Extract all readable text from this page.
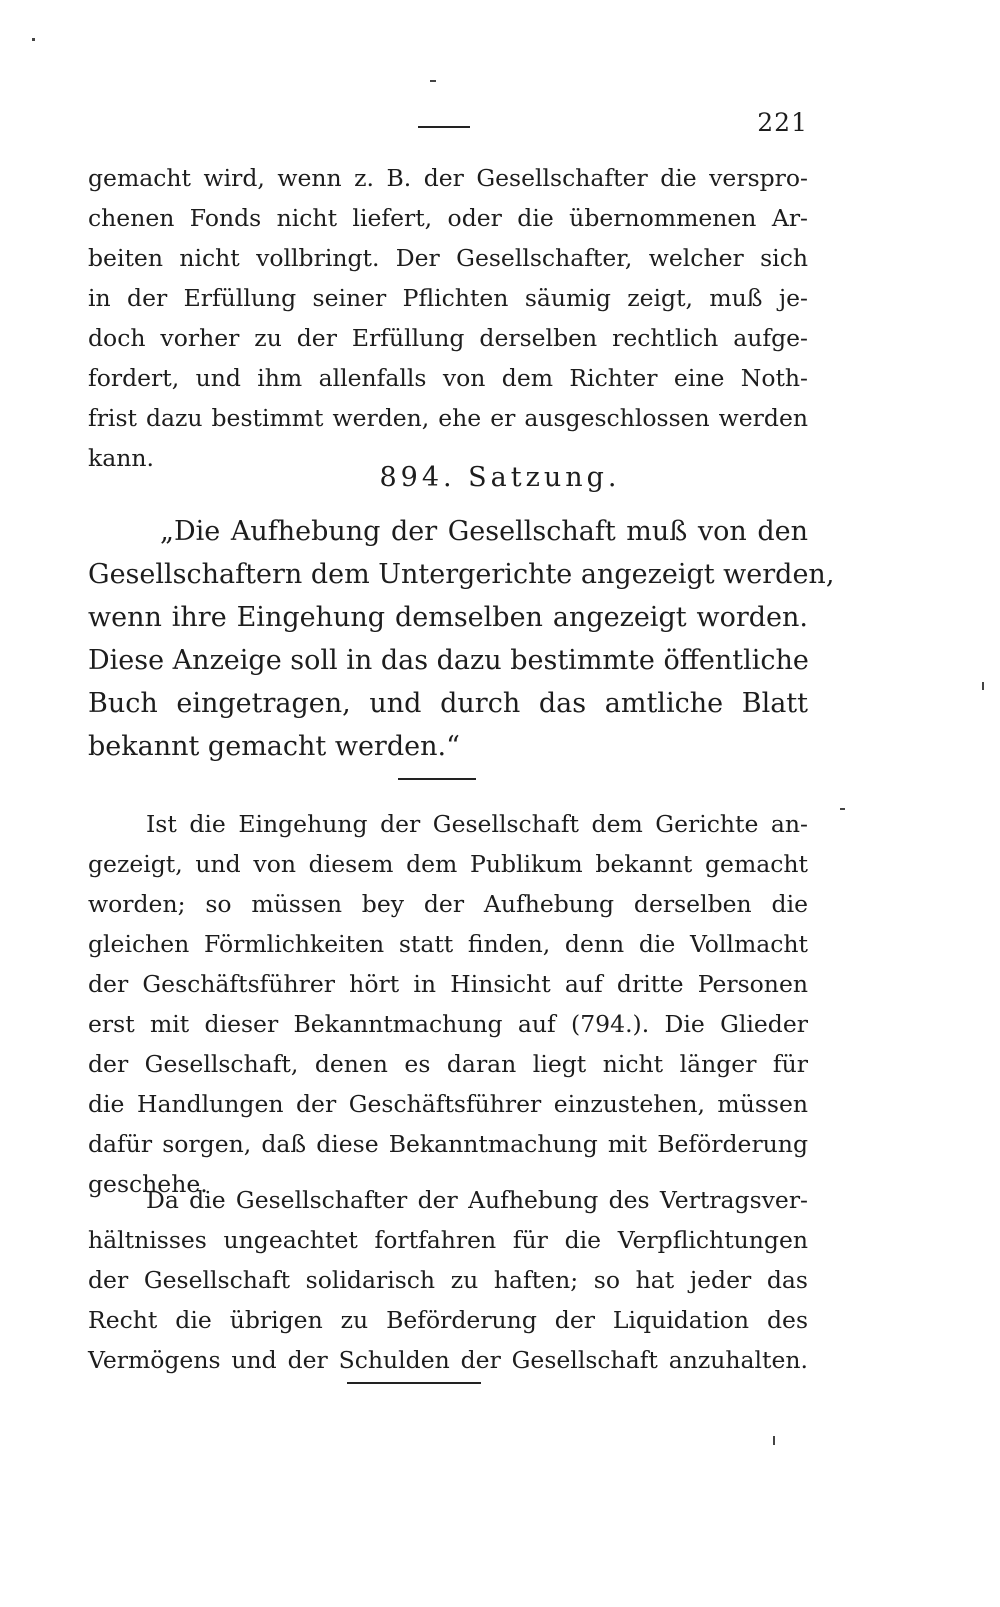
221
gemacht wird, wenn z. B. der Gesellschafter die verspro-
chenen Fonds nicht liefert, oder die übernommenen Ar-
beiten nicht vollbringt. Der Gesellschafter, welcher sich
in der Erfüllung seiner Pflichten säumig zeigt, muß je-
doch vorher zu der Erfüllung derselben rechtlich aufge-
fordert, und ihm allenfalls von dem Richter eine Noth-
frist dazu bestimmt werden, ehe er ausgeschlossen werden
kann.
894. Satzung.
„Die Aufhebung der Gesellschaft muß von den
Gesellschaftern dem Untergerichte angezeigt werden,
wenn ihre Eingehung demselben angezeigt worden.
Diese Anzeige soll in das dazu bestimmte öffentliche
Buch eingetragen, und durch das amtliche Blatt
bekannt gemacht werden.“
Ist die Eingehung der Gesellschaft dem Gerichte an-
gezeigt, und von diesem dem Publikum bekannt gemacht
worden; so müssen bey der Aufhebung derselben die
gleichen Förmlichkeiten statt finden, denn die Vollmacht
der Geschäftsführer hört in Hinsicht auf dritte Personen
erst mit dieser Bekanntmachung auf (794.). Die Glieder
der Gesellschaft, denen es daran liegt nicht länger für
die Handlungen der Geschäftsführer einzustehen, müssen
dafür sorgen, daß diese Bekanntmachung mit Beförderung
geschehe.
Da die Gesellschafter der Aufhebung des Vertragsver-
hältnisses ungeachtet fortfahren für die Verpflichtungen
der Gesellschaft solidarisch zu haften; so hat jeder das
Recht die übrigen zu Beförderung der Liquidation des
Vermögens und der Schulden der Gesellschaft anzuhalten.
